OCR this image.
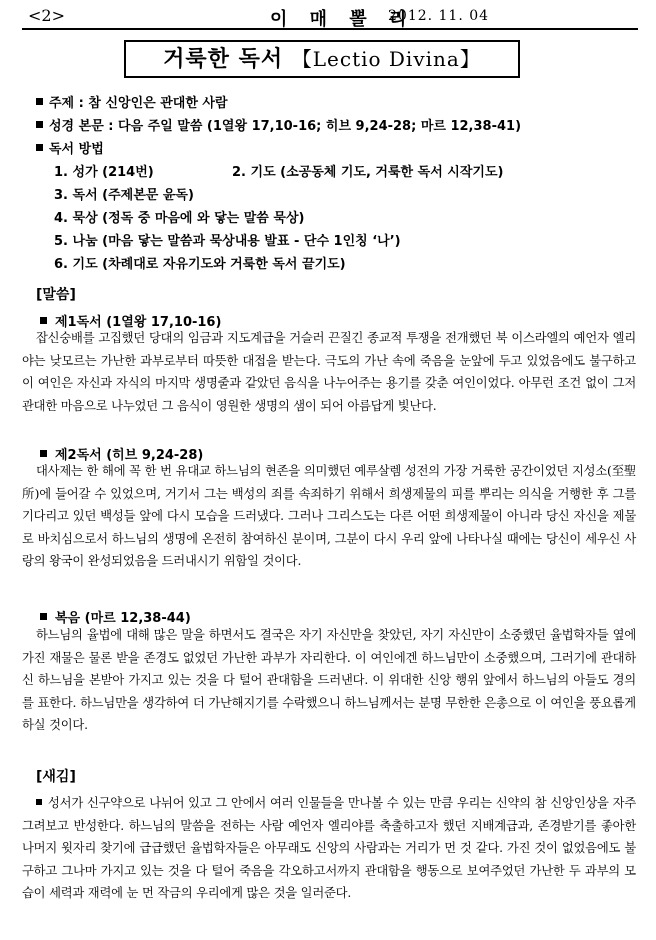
<2>	이 매 뽈 리
2012. 11. 04
거룩한 독서 【Lectio Divina】
주제 : 참 신앙인은 관대한 사람
성경 본문 : 다음 주일 말씀 (1열왕 17,10-16; 히브 9,24-28; 마르 12,38-41)
독서 방법
1. 성가 (214번)	2. 기도 (소공동체 기도, 거룩한 독서 시작기도)
3. 독서 (주제본문 윤독)
4. 묵상 (정독 중 마음에 와 닿는 말씀 묵상)
5. 나눔 (마음 닿는 말씀과 묵상내용 발표 - 단수 1인칭 ‘나’)
6. 기도 (차례대로 자유기도와 거룩한 독서 끝기도)
[말씀]
제1독서 (1열왕 17,10-16)
잡신숭배를 고집했던 당대의 임금과 지도계급을 거슬러 끈질긴 종교적 투쟁을 전개했던 북 이스라엘의 예언자 엘리야는 낮모르는 가난한 과부로부터 따뜻한 대접을 받는다. 극도의 가난 속에 죽음을 눈앞에 두고 있었음에도 불구하고 이 여인은 자신과 자식의 마지막 생명줄과 같았던 음식을 나누어주는 용기를 갖춘 여인이었다. 아무런 조건 없이 그저 관대한 마음으로 나누었던 그 음식이 영원한 생명의 샘이 되어 아름답게 빛난다.
제2독서 (히브 9,24-28)
대사제는 한 해에 꼭 한 번 유대교 하느님의 현존을 의미했던 예루살렘 성전의 가장 거룩한 공간이었던 지성소(至聖所)에 들어갈 수 있었으며, 거기서 그는 백성의 죄를 속죄하기 위해서 희생제물의 피를 뿌리는 의식을 거행한 후 그를 기다리고 있던 백성들 앞에 다시 모습을 드러냈다. 그러나 그리스도는 다른 어떤 희생제물이 아니라 당신 자신을 제물로 바치심으로서 하느님의 생명에 온전히 참여하신 분이며, 그분이 다시 우리 앞에 나타나실 때에는 당신이 세우신 사랑의 왕국이 완성되었음을 드러내시기 위함일 것이다.
복음 (마르 12,38-44)
하느님의 율법에 대해 많은 말을 하면서도 결국은 자기 자신만을 찾았던, 자기 자신만이 소중했던 율법학자들 옆에 가진 재물은 물론 받을 존경도 없었던 가난한 과부가 자리한다. 이 여인에겐 하느님만이 소중했으며, 그러기에 관대하신 하느님을 본받아 가지고 있는 것을 다 털어 관대함을 드러낸다. 이 위대한 신앙 행위 앞에서 하느님의 아들도 경의를 표한다. 하느님만을 생각하여 더 가난해지기를 수락했으니 하느님께서는 분명 무한한 은총으로 이 여인을 풍요롭게 하실 것이다.
[새김]
성서가 신구약으로 나뉘어 있고 그 안에서 여러 인물들을 만나볼 수 있는 만큼 우리는 신약의 참 신앙인상을 자주 그려보고 반성한다. 하느님의 말씀을 전하는 사람 예언자 엘리야를 축출하고자 했던 지배계급과, 존경받기를 좋아한 나머지 윗자리 찾기에 급급했던 율법학자들은 아무래도 신앙의 사람과는 거리가 먼 것 같다. 가진 것이 없었음에도 불구하고 그나마 가지고 있는 것을 다 털어 죽음을 각오하고서까지 관대함을 행동으로 보여주었던 가난한 두 과부의 모습이 세력과 재력에 눈 먼 작금의 우리에게 많은 것을 일러준다.
